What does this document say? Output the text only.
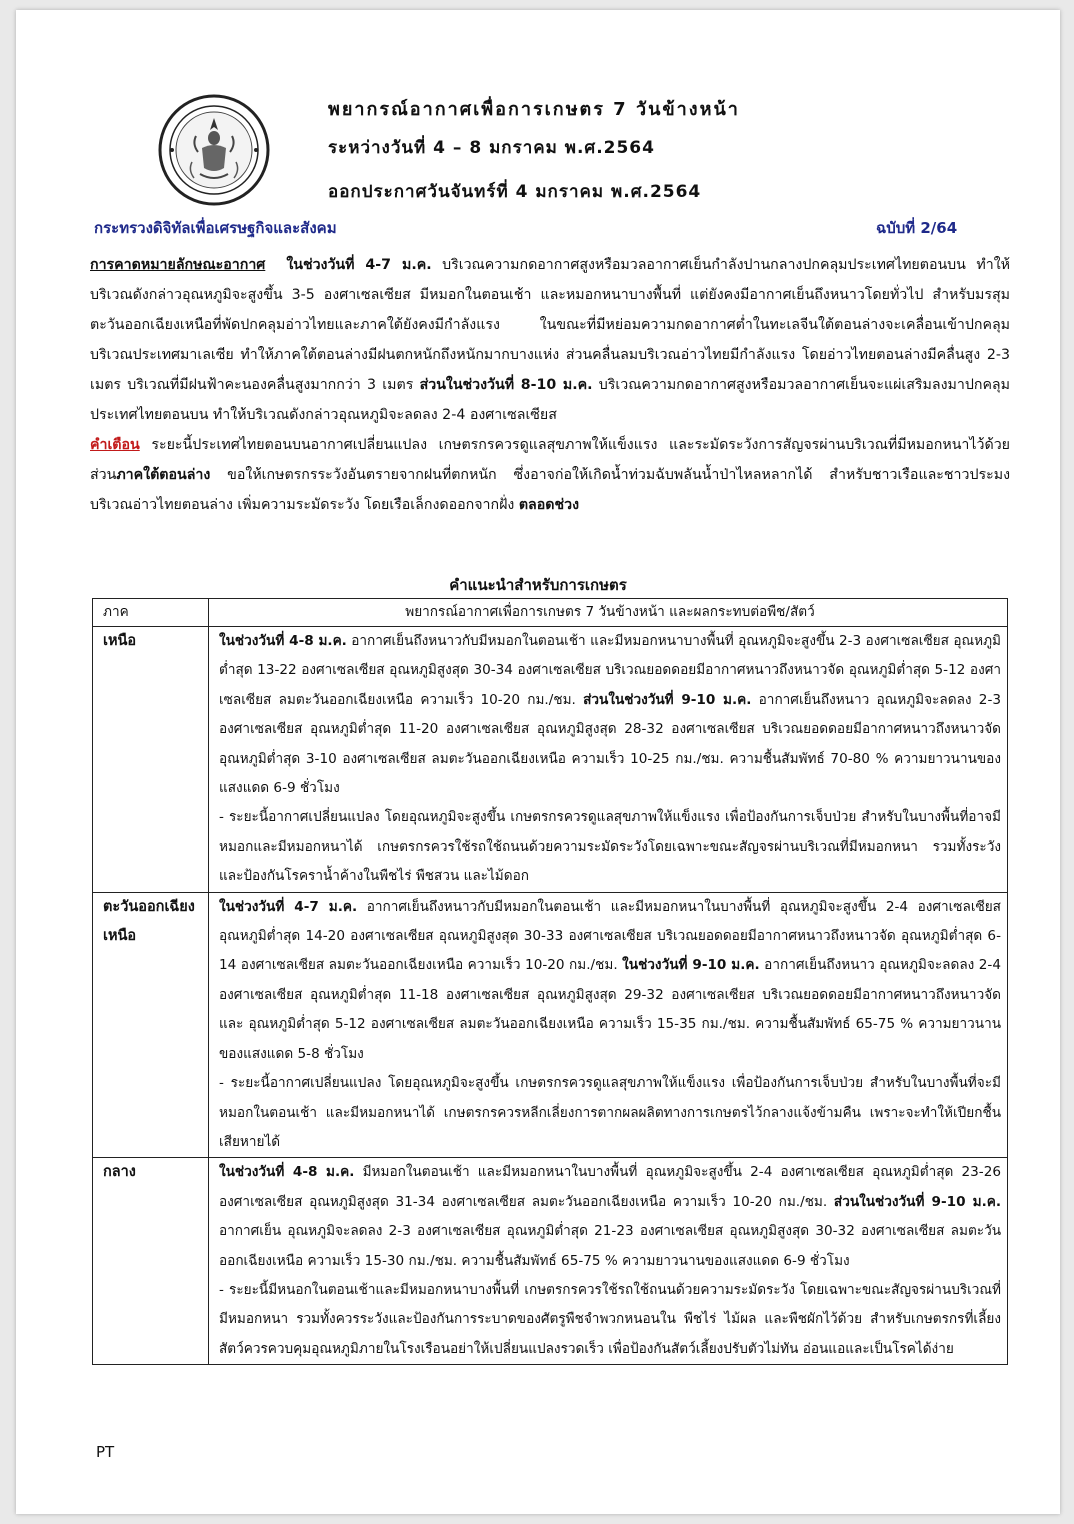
พยากรณ์อากาศเพื่อการเกษตร 7 วันข้างหน้า
ระหว่างวันที่ 4 – 8 มกราคม พ.ศ.2564
ออกประกาศวันจันทร์ที่ 4 มกราคม พ.ศ.2564
กระทรวงดิจิทัลเพื่อเศรษฐกิจและสังคม	ฉบับที่ 2/64

การคาดหมายลักษณะอากาศ ในช่วงวันที่ 4-7 ม.ค. บริเวณความกดอากาศสูงหรือมวลอากาศเย็นกำลังปานกลางปกคลุมประเทศไทยตอนบน ทำให้บริเวณดังกล่าวอุณหภูมิจะสูงขึ้น 3-5 องศาเซลเซียส มีหมอกในตอนเช้า และหมอกหนาบางพื้นที่ แต่ยังคงมีอากาศเย็นถึงหนาวโดยทั่วไป สำหรับมรสุมตะวันออกเฉียงเหนือที่พัดปกคลุมอ่าวไทยและภาคใต้ยังคงมีกำลังแรง ในขณะที่มีหย่อมความกดอากาศต่ำในทะเลจีนใต้ตอนล่างจะเคลื่อนเข้าปกคลุมบริเวณประเทศมาเลเซีย ทำให้ภาคใต้ตอนล่างมีฝนตกหนักถึงหนักมากบางแห่ง ส่วนคลื่นลมบริเวณอ่าวไทยมีกำลังแรง โดยอ่าวไทยตอนล่างมีคลื่นสูง 2-3 เมตร บริเวณที่มีฝนฟ้าคะนองคลื่นสูงมากกว่า 3 เมตร ส่วนในช่วงวันที่ 8-10 ม.ค. บริเวณความกดอากาศสูงหรือมวลอากาศเย็นจะแผ่เสริมลงมาปกคลุมประเทศไทยตอนบน ทำให้บริเวณดังกล่าวอุณหภูมิจะลดลง 2-4 องศาเซลเซียส

คำเตือน ระยะนี้ประเทศไทยตอนบนอากาศเปลี่ยนแปลง เกษตรกรควรดูแลสุขภาพให้แข็งแรง และระมัดระวังการสัญจรผ่านบริเวณที่มีหมอกหนาไว้ด้วย ส่วนภาคใต้ตอนล่าง ขอให้เกษตรกรระวังอันตรายจากฝนที่ตกหนัก ซึ่งอาจก่อให้เกิดน้ำท่วมฉับพลันน้ำป่าไหลหลากได้ สำหรับชาวเรือและชาวประมงบริเวณอ่าวไทยตอนล่าง เพิ่มความระมัดระวัง โดยเรือเล็กงดออกจากฝั่ง ตลอดช่วง

คำแนะนำสำหรับการเกษตร
ภาค	พยากรณ์อากาศเพื่อการเกษตร 7 วันข้างหน้า และผลกระทบต่อพืช/สัตว์
เหนือ	ในช่วงวันที่ 4-8 ม.ค. อากาศเย็นถึงหนาวกับมีหมอกในตอนเช้า และมีหมอกหนาบางพื้นที่ อุณหภูมิจะสูงขึ้น 2-3 องศาเซลเซียส อุณหภูมิต่ำสุด 13-22 องศาเซลเซียส อุณหภูมิสูงสุด 30-34 องศาเซลเซียส บริเวณยอดดอยมีอากาศหนาวถึงหนาวจัด อุณหภูมิต่ำสุด 5-12 องศาเซลเซียส ลมตะวันออกเฉียงเหนือ ความเร็ว 10-20 กม./ชม. ส่วนในช่วงวันที่ 9-10 ม.ค. อากาศเย็นถึงหนาว อุณหภูมิจะลดลง 2-3 องศาเซลเซียส อุณหภูมิต่ำสุด 11-20 องศาเซลเซียส อุณหภูมิสูงสุด 28-32 องศาเซลเซียส บริเวณยอดดอยมีอากาศหนาวถึงหนาวจัด อุณหภูมิต่ำสุด 3-10 องศาเซลเซียส ลมตะวันออกเฉียงเหนือ ความเร็ว 10-25 กม./ชม. ความชื้นสัมพัทธ์ 70-80 % ความยาวนานของแสงแดด 6-9 ชั่วโมง

- ระยะนี้อากาศเปลี่ยนแปลง โดยอุณหภูมิจะสูงขึ้น เกษตรกรควรดูแลสุขภาพให้แข็งแรง เพื่อป้องกันการเจ็บป่วย สำหรับในบางพื้นที่อาจมีหมอกและมีหมอกหนาได้ เกษตรกรควรใช้รถใช้ถนนด้วยความระมัดระวังโดยเฉพาะขณะสัญจรผ่านบริเวณที่มีหมอกหนา รวมทั้งระวังและป้องกันโรคราน้ำค้างในพืชไร่ พืชสวน และไม้ดอก

ตะวันออกเฉียงเหนือ	ในช่วงวันที่ 4-7 ม.ค. อากาศเย็นถึงหนาวกับมีหมอกในตอนเช้า และมีหมอกหนาในบางพื้นที่ อุณหภูมิจะสูงขึ้น 2-4 องศาเซลเซียส อุณหภูมิต่ำสุด 14-20 องศาเซลเซียส อุณหภูมิสูงสุด 30-33 องศาเซลเซียส บริเวณยอดดอยมีอากาศหนาวถึงหนาวจัด อุณหภูมิต่ำสุด 6-14 องศาเซลเซียส ลมตะวันออกเฉียงเหนือ ความเร็ว 10-20 กม./ชม. ในช่วงวันที่ 9-10 ม.ค. อากาศเย็นถึงหนาว อุณหภูมิจะลดลง 2-4 องศาเซลเซียส อุณหภูมิต่ำสุด 11-18 องศาเซลเซียส อุณหภูมิสูงสุด 29-32 องศาเซลเซียส บริเวณยอดดอยมีอากาศหนาวถึงหนาวจัด และ อุณหภูมิต่ำสุด 5-12 องศาเซลเซียส ลมตะวันออกเฉียงเหนือ ความเร็ว 15-35 กม./ชม. ความชื้นสัมพัทธ์ 65-75 % ความยาวนานของแสงแดด 5-8 ชั่วโมง

- ระยะนี้อากาศเปลี่ยนแปลง โดยอุณหภูมิจะสูงขึ้น เกษตรกรควรดูแลสุขภาพให้แข็งแรง เพื่อป้องกันการเจ็บป่วย สำหรับในบางพื้นที่จะมีหมอกในตอนเช้า และมีหมอกหนาได้ เกษตรกรควรหลีกเลี่ยงการตากผลผลิตทางการเกษตรไว้กลางแจ้งข้ามคืน เพราะจะทำให้เปียกชื้นเสียหายได้

กลาง	ในช่วงวันที่ 4-8 ม.ค. มีหมอกในตอนเช้า และมีหมอกหนาในบางพื้นที่ อุณหภูมิจะสูงขึ้น 2-4 องศาเซลเซียส อุณหภูมิต่ำสุด 23-26 องศาเซลเซียส อุณหภูมิสูงสุด 31-34 องศาเซลเซียส ลมตะวันออกเฉียงเหนือ ความเร็ว 10-20 กม./ชม. ส่วนในช่วงวันที่ 9-10 ม.ค. อากาศเย็น อุณหภูมิจะลดลง 2-3 องศาเซลเซียส อุณหภูมิต่ำสุด 21-23 องศาเซลเซียส อุณหภูมิสูงสุด 30-32 องศาเซลเซียส ลมตะวันออกเฉียงเหนือ ความเร็ว 15-30 กม./ชม. ความชื้นสัมพัทธ์ 65-75 % ความยาวนานของแสงแดด 6-9 ชั่วโมง

- ระยะนี้มีหนอกในตอนเช้าและมีหมอกหนาบางพื้นที่ เกษตรกรควรใช้รถใช้ถนนด้วยความระมัดระวัง โดยเฉพาะขณะสัญจรผ่านบริเวณที่มีหมอกหนา รวมทั้งควรระวังและป้องกันการระบาดของศัตรูพืชจำพวกหนอนใน พืชไร่ ไม้ผล และพืชผักไว้ด้วย สำหรับเกษตรกรที่เลี้ยงสัตว์ควรควบคุมอุณหภูมิภายในโรงเรือนอย่าให้เปลี่ยนแปลงรวดเร็ว เพื่อป้องกันสัตว์เลี้ยงปรับตัวไม่ทัน อ่อนแอและเป็นโรคได้ง่าย

PT
